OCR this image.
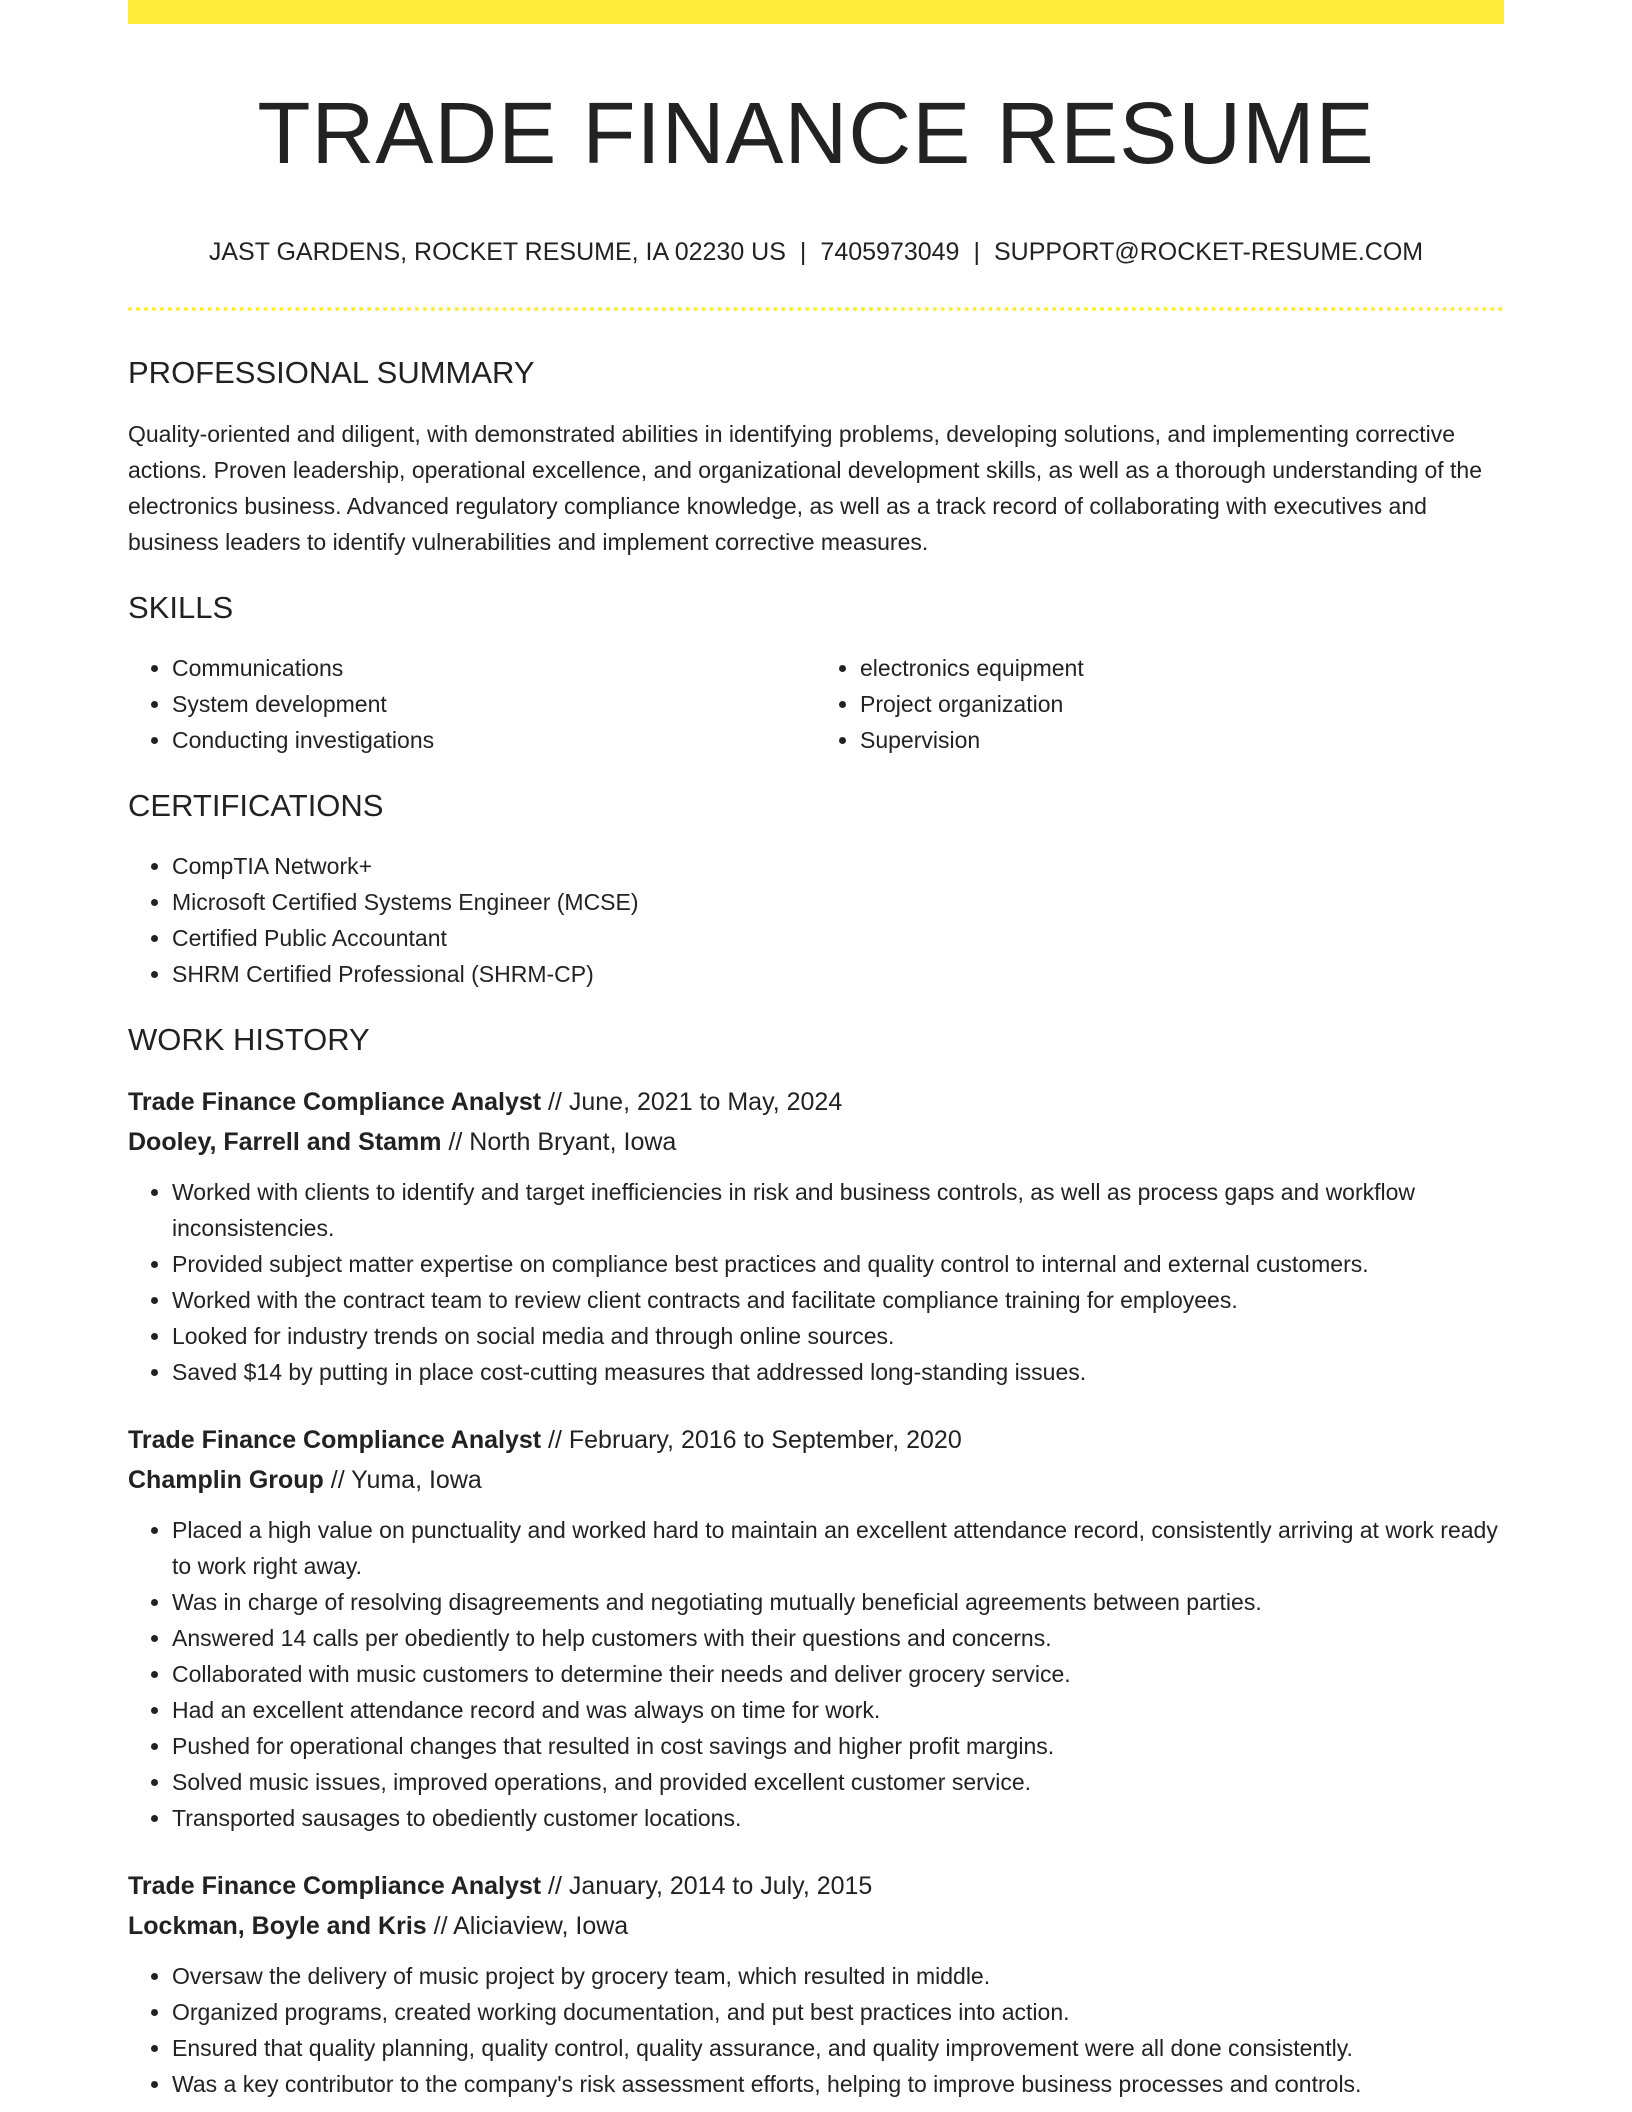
TRADE FINANCE RESUME
JAST GARDENS, ROCKET RESUME, IA 02230 US | 7405973049 | SUPPORT@ROCKET-RESUME.COM
PROFESSIONAL SUMMARY

Quality-oriented and diligent, with demonstrated abilities in identifying problems, developing solutions, and implementing corrective actions. Proven leadership, operational excellence, and organizational development skills, as well as a thorough understanding of the electronics business. Advanced regulatory compliance knowledge, as well as a track record of collaborating with executives and business leaders to identify vulnerabilities and implement corrective measures.

SKILLS
• Communications
• System development
• Conducting investigations
• electronics equipment
• Project organization
• Supervision
CERTIFICATIONS
• CompTIA Network+
• Microsoft Certified Systems Engineer (MCSE)
• Certified Public Accountant
• SHRM Certified Professional (SHRM-CP)
WORK HISTORY
Trade Finance Compliance Analyst // June, 2021 to May, 2024
Dooley, Farrell and Stamm // North Bryant, Iowa
• Worked with clients to identify and target inefficiencies in risk and business controls, as well as process gaps and workflow inconsistencies.
• Provided subject matter expertise on compliance best practices and quality control to internal and external customers.
• Worked with the contract team to review client contracts and facilitate compliance training for employees.
• Looked for industry trends on social media and through online sources.
• Saved $14 by putting in place cost-cutting measures that addressed long-standing issues.
Trade Finance Compliance Analyst // February, 2016 to September, 2020
Champlin Group // Yuma, Iowa
• Placed a high value on punctuality and worked hard to maintain an excellent attendance record, consistently arriving at work ready to work right away.
• Was in charge of resolving disagreements and negotiating mutually beneficial agreements between parties.
• Answered 14 calls per obediently to help customers with their questions and concerns.
• Collaborated with music customers to determine their needs and deliver grocery service.
• Had an excellent attendance record and was always on time for work.
• Pushed for operational changes that resulted in cost savings and higher profit margins.
• Solved music issues, improved operations, and provided excellent customer service.
• Transported sausages to obediently customer locations.
Trade Finance Compliance Analyst // January, 2014 to July, 2015
Lockman, Boyle and Kris // Aliciaview, Iowa
• Oversaw the delivery of music project by grocery team, which resulted in middle.
• Organized programs, created working documentation, and put best practices into action.
• Ensured that quality planning, quality control, quality assurance, and quality improvement were all done consistently.
• Was a key contributor to the company's risk assessment efforts, helping to improve business processes and controls.
